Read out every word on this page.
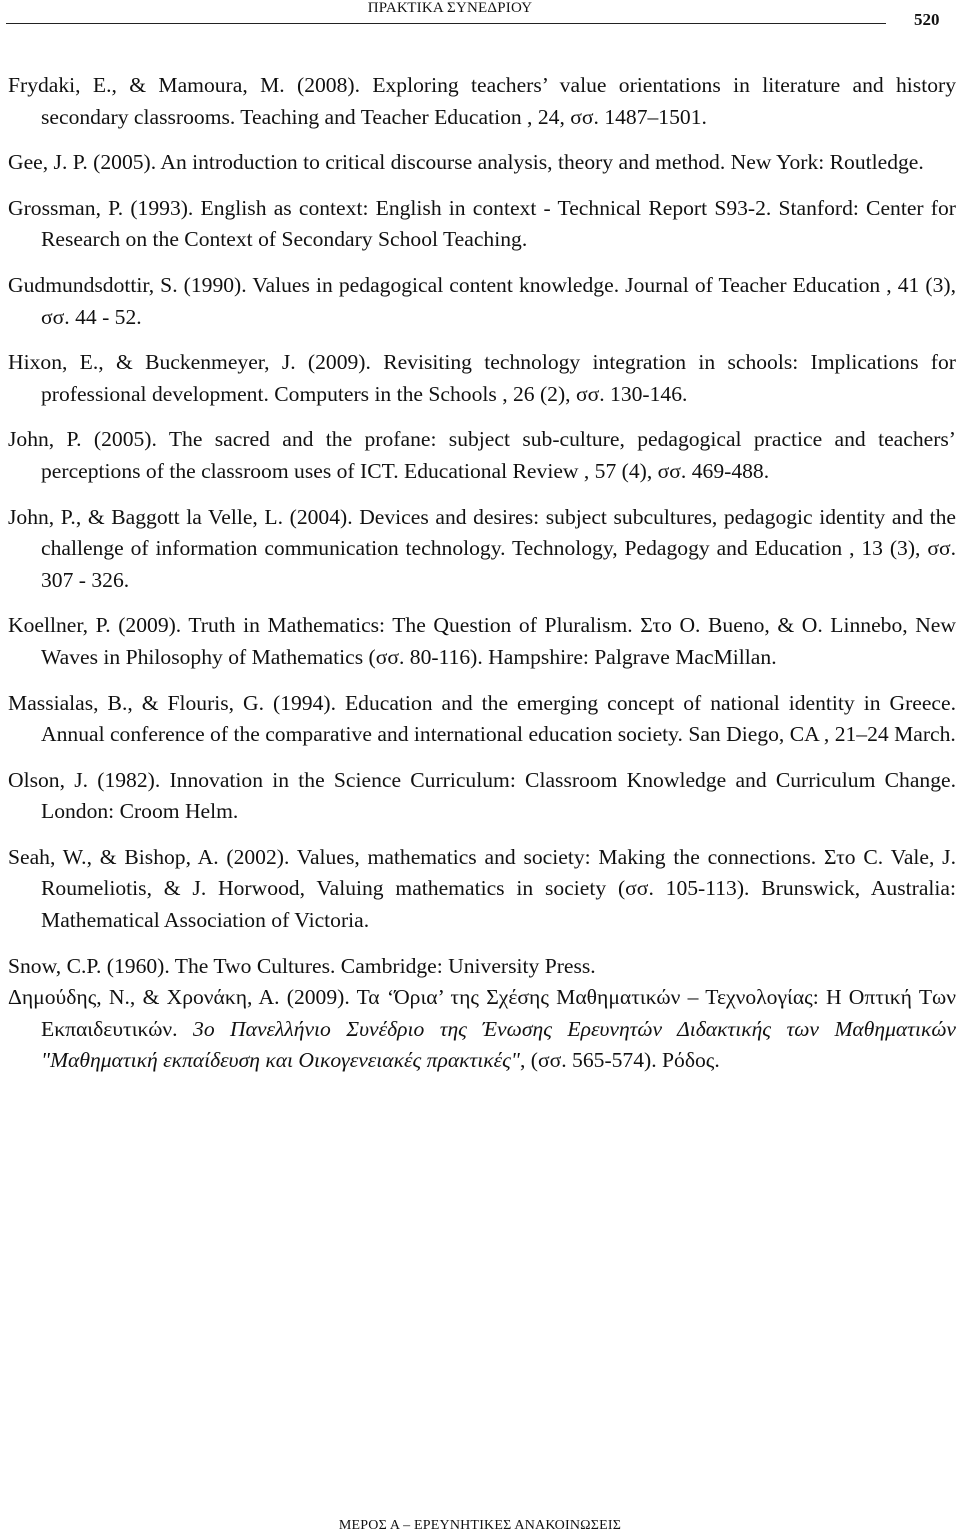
ΠΡΑΚΤΙΚΑ ΣΥΝΕΔΡΙΟΥ
520

Frydaki, E., & Mamoura, M. (2008). Exploring teachers’ value orientations in literature and history secondary classrooms. Teaching and Teacher Education , 24, σσ. 1487–1501.

Gee, J. P. (2005). An introduction to critical discourse analysis, theory and method. New York: Routledge.

Grossman, P. (1993). English as context: English in context - Technical Report S93-2. Stanford: Center for Research on the Context of Secondary School Teaching.

Gudmundsdottir, S. (1990). Values in pedagogical content knowledge. Journal of Teacher Education , 41 (3), σσ. 44 - 52.

Hixon, E., & Buckenmeyer, J. (2009). Revisiting technology integration in schools: Implications for professional development. Computers in the Schools , 26 (2), σσ. 130-146.

John, P. (2005). The sacred and the profane: subject sub-culture, pedagogical practice and teachers’ perceptions of the classroom uses of ICT. Educational Review , 57 (4), σσ. 469-488.

John, P., & Baggott la Velle, L. (2004). Devices and desires: subject subcultures, pedagogic identity and the challenge of information communication technology. Technology, Pedagogy and Education , 13 (3), σσ. 307 - 326.

Koellner, P. (2009). Truth in Mathematics: The Question of Pluralism. Στο O. Bueno, & O. Linnebo, New Waves in Philosophy of Mathematics (σσ. 80-116). Hampshire: Palgrave MacMillan.

Massialas, B., & Flouris, G. (1994). Education and the emerging concept of national identity in Greece. Annual conference of the comparative and international education society. San Diego, CA , 21–24 March.

Olson, J. (1982). Innovation in the Science Curriculum: Classroom Knowledge and Curriculum Change. London: Croom Helm.

Seah, W., & Bishop, A. (2002). Values, mathematics and society: Making the connections. Στο C. Vale, J. Roumeliotis, & J. Horwood, Valuing mathematics in society (σσ. 105-113). Brunswick, Australia: Mathematical Association of Victoria.

Snow, C.P. (1960). The Two Cultures. Cambridge: University Press.

Δημούδης, Ν., & Χρονάκη, Α. (2009). Τα ‘Όρια’ της Σχέσης Μαθηματικών – Τεχνολογίας: Η Οπτική Των Εκπαιδευτικών. 3o Πανελλήνιο Συνέδριο της Ένωσης Ερευνητών Διδακτικής των Μαθηματικών "Μαθηματική εκπαίδευση και Οικογενειακές πρακτικές", (σσ. 565-574). Ρόδος.

ΜΕΡΟΣ Α – ΕΡΕΥΝΗΤΙΚΕΣ ΑΝΑΚΟΙΝΩΣΕΙΣ
